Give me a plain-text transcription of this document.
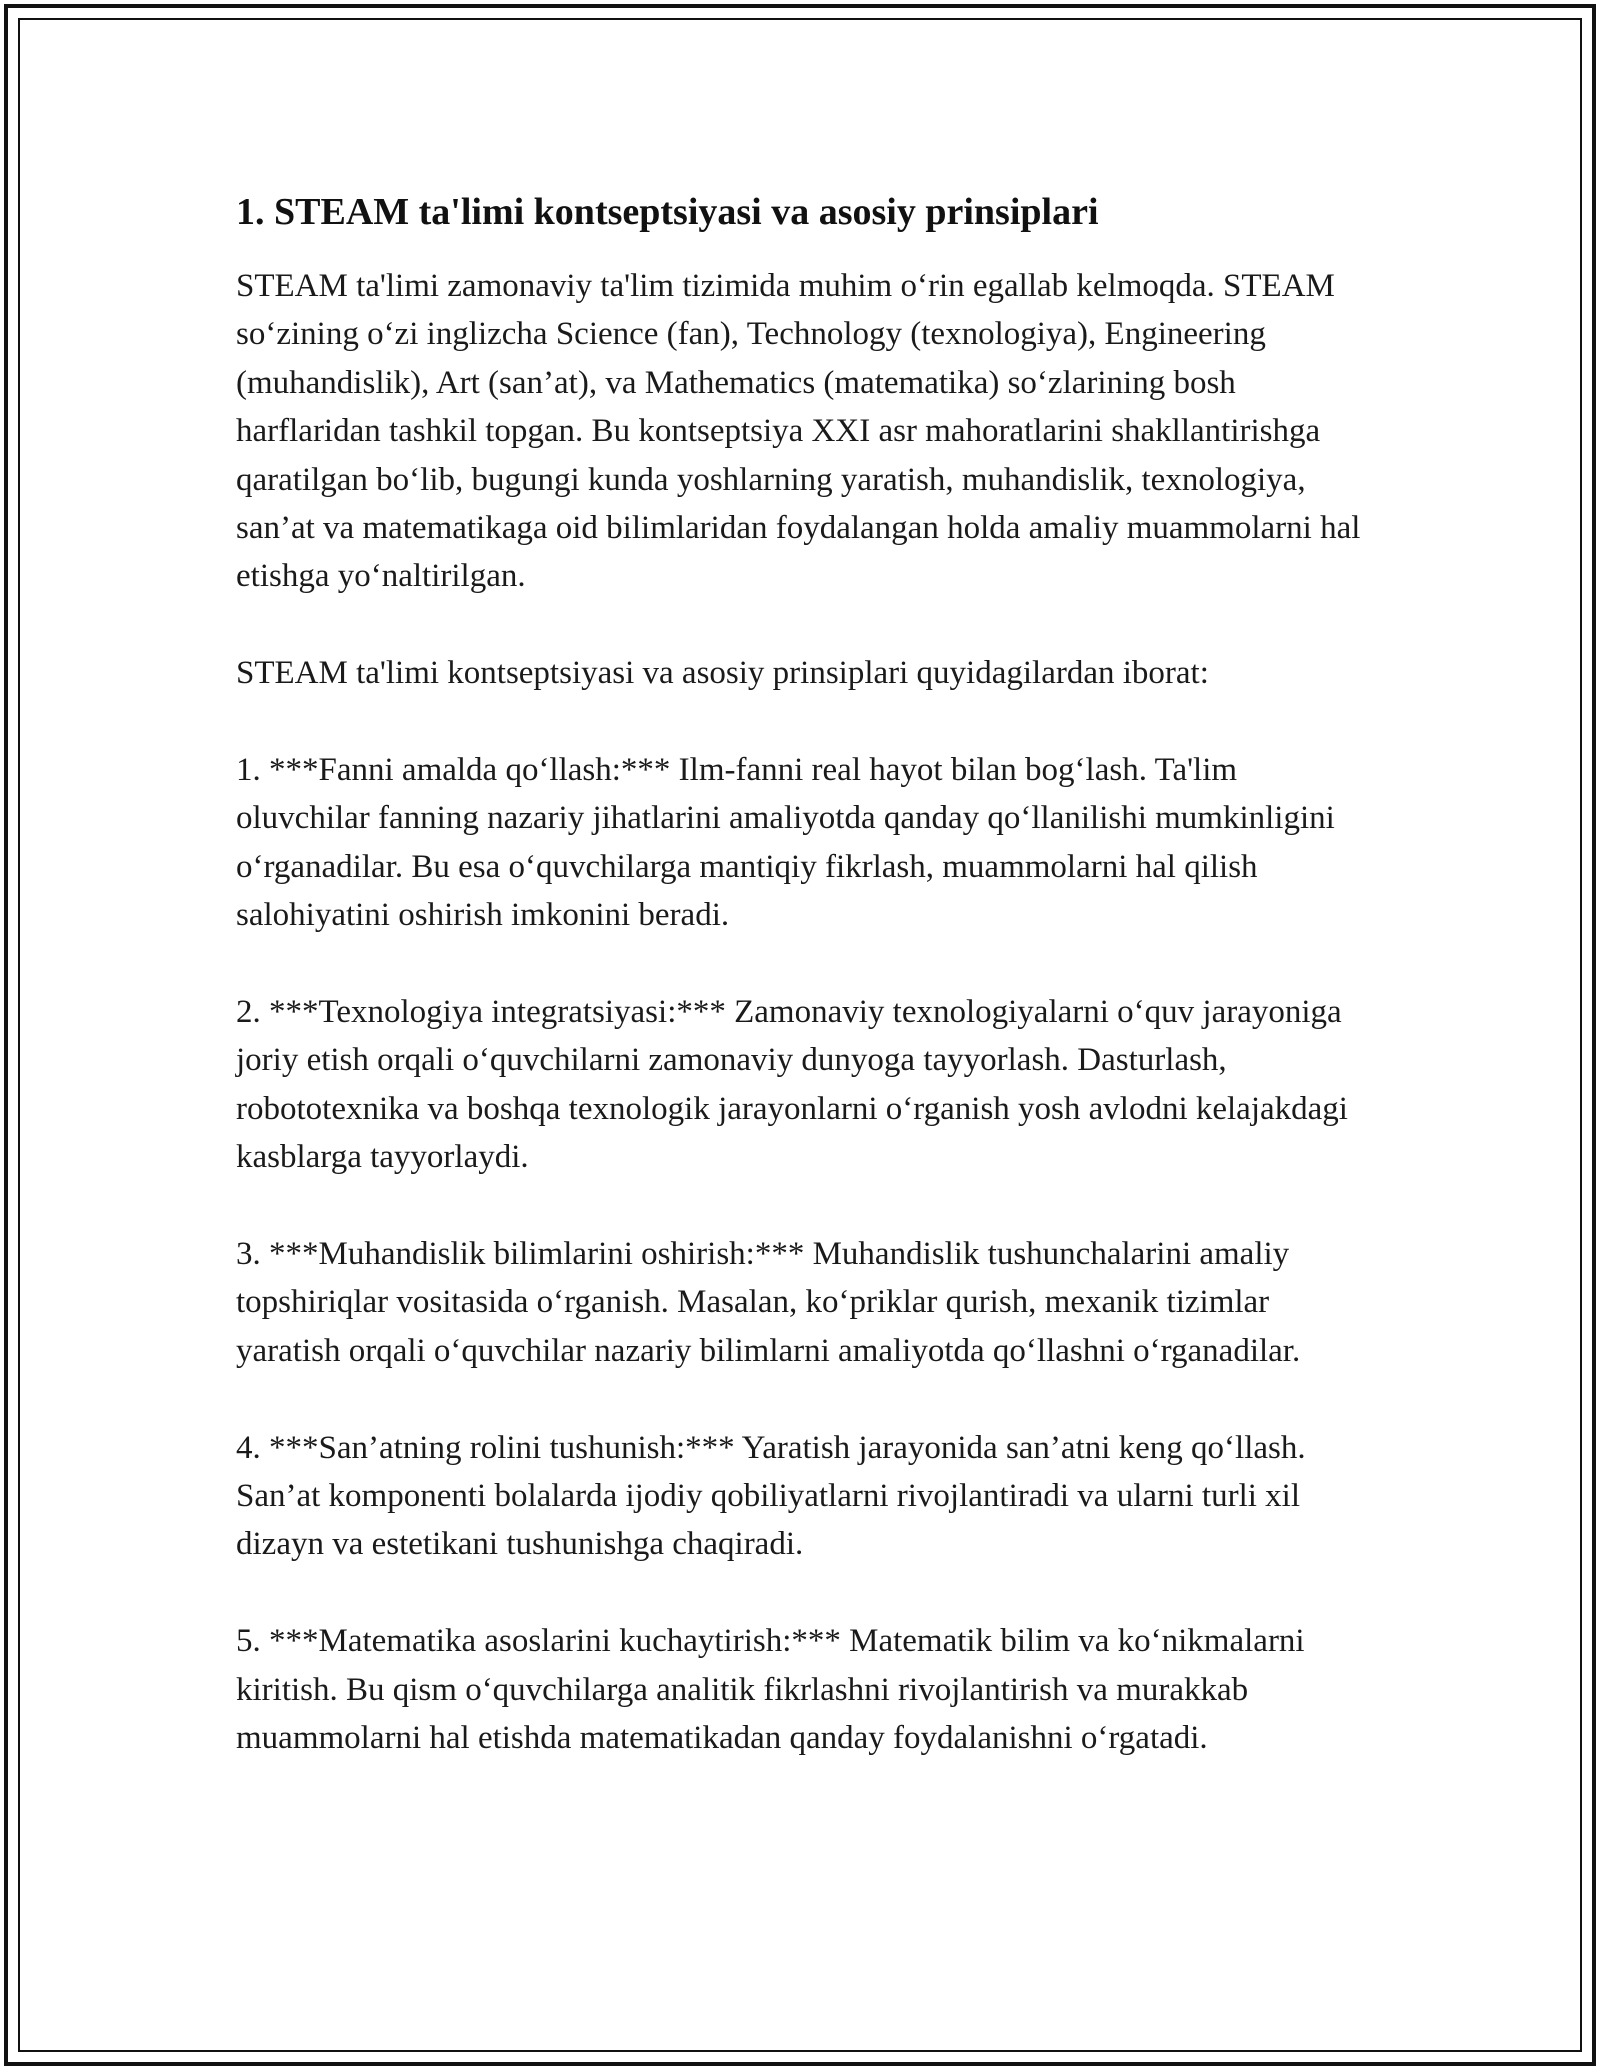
1. STEAM ta'limi kontseptsiyasi va asosiy prinsiplari

STEAM ta'limi zamonaviy ta'lim tizimida muhim o‘rin egallab kelmoqda. STEAM so‘zining o‘zi inglizcha Science (fan), Technology (texnologiya), Engineering (muhandislik), Art (san’at), va Mathematics (matematika) so‘zlarining bosh harflaridan tashkil topgan. Bu kontseptsiya XXI asr mahoratlarini shakllantirishga qaratilgan bo‘lib, bugungi kunda yoshlarning yaratish, muhandislik, texnologiya, san’at va matematikaga oid bilimlaridan foydalangan holda amaliy muammolarni hal etishga yo‘naltirilgan.

STEAM ta'limi kontseptsiyasi va asosiy prinsiplari quyidagilardan iborat:

1. ***Fanni amalda qo‘llash:*** Ilm-fanni real hayot bilan bog‘lash. Ta'lim oluvchilar fanning nazariy jihatlarini amaliyotda qanday qo‘llanilishi mumkinligini o‘rganadilar. Bu esa o‘quvchilarga mantiqiy fikrlash, muammolarni hal qilish salohiyatini oshirish imkonini beradi.

2. ***Texnologiya integratsiyasi:*** Zamonaviy texnologiyalarni o‘quv jarayoniga joriy etish orqali o‘quvchilarni zamonaviy dunyoga tayyorlash. Dasturlash, robototexnika va boshqa texnologik jarayonlarni o‘rganish yosh avlodni kelajakdagi kasblarga tayyorlaydi.

3. ***Muhandislik bilimlarini oshirish:*** Muhandislik tushunchalarini amaliy topshiriqlar vositasida o‘rganish. Masalan, ko‘priklar qurish, mexanik tizimlar yaratish orqali o‘quvchilar nazariy bilimlarni amaliyotda qo‘llashni o‘rganadilar.

4. ***San’atning rolini tushunish:*** Yaratish jarayonida san’atni keng qo‘llash. San’at komponenti bolalarda ijodiy qobiliyatlarni rivojlantiradi va ularni turli xil dizayn va estetikani tushunishga chaqiradi.

5. ***Matematika asoslarini kuchaytirish:*** Matematik bilim va ko‘nikmalarni kiritish. Bu qism o‘quvchilarga analitik fikrlashni rivojlantirish va murakkab muammolarni hal etishda matematikadan qanday foydalanishni o‘rgatadi.
